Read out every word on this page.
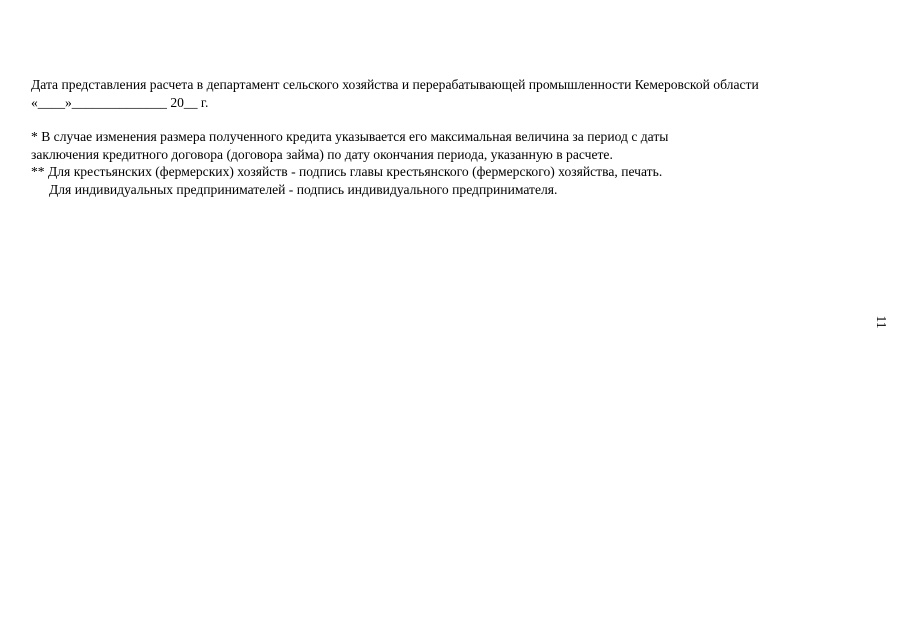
Дата представления расчета в департамент сельского хозяйства и перерабатывающей промышленности Кемеровской области
«____»______________ 20__ г.
* В случае изменения размера полученного кредита указывается его максимальная величина за период с даты
заключения кредитного договора (договора займа) по дату окончания периода, указанную в расчете.
** Для крестьянских (фермерских) хозяйств - подпись главы крестьянского (фермерского) хозяйства, печать.
Для индивидуальных предпринимателей - подпись индивидуального предпринимателя.
11
